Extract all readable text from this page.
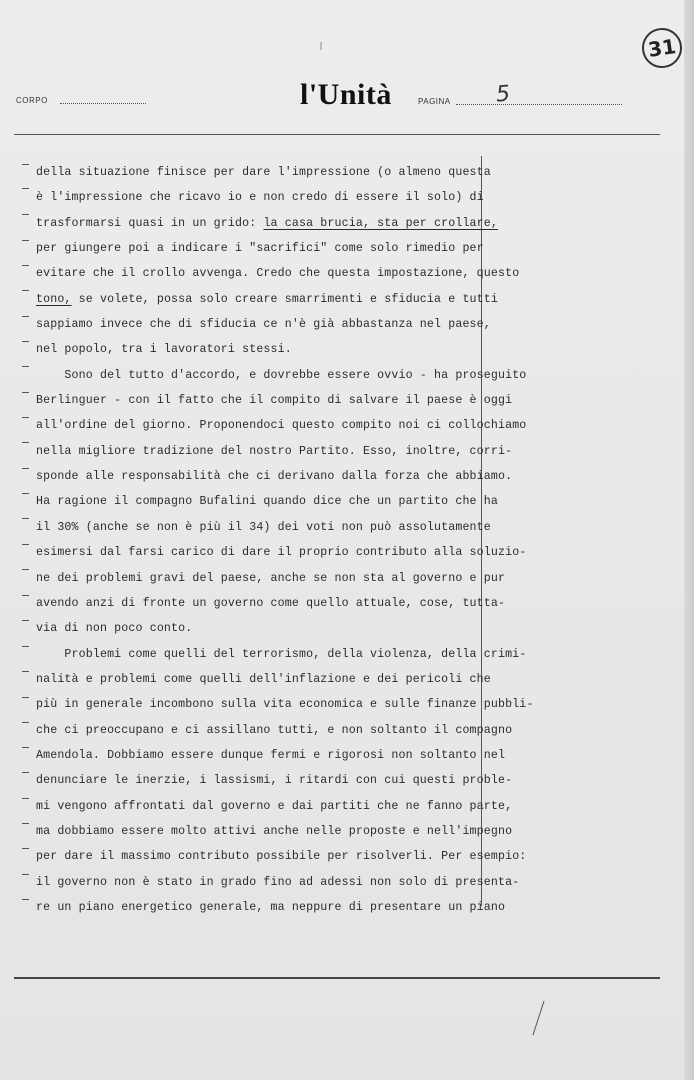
31
CORPO	l'Unità	PAGINA 5
della situazione finisce per dare l'impressione (o almeno questa
è l'impressione che ricavo io e non credo di essere il solo) di
trasformarsi quasi in un grido: la casa brucia, sta per crollare,
per giungere poi a indicare i "sacrifici" come solo rimedio per
evitare che il crollo avvenga. Credo che questa impostazione, questo
tono, se volete, possa solo creare smarrimenti e sfiducia e tutti
sappiamo invece che di sfiducia ce n'è già abbastanza nel paese,
nel popolo, tra i lavoratori stessi.
Sono del tutto d'accordo, e dovrebbe essere ovvio - ha proseguito
Berlinguer - con il fatto che il compito di salvare il paese è oggi
all'ordine del giorno. Proponendoci questo compito noi ci collochiamo
nella migliore tradizione del nostro Partito. Esso, inoltre, corri-
sponde alle responsabilità che ci derivano dalla forza che abbiamo.
Ha ragione il compagno Bufalini quando dice che un partito che ha
il 30% (anche se non è più il 34) dei voti non può assolutamente
esimersi dal farsi carico di dare il proprio contributo alla soluzio-
ne dei problemi gravi del paese, anche se non sta al governo e pur
avendo anzi di fronte un governo come quello attuale, cose, tutta-
via di non poco conto.
Problemi come quelli del terrorismo, della violenza, della crimi-
nalità e problemi come quelli dell'inflazione e dei pericoli che
più in generale incombono sulla vita economica e sulle finanze pubbli-
che ci preoccupano e ci assillano tutti, e non soltanto il compagno
Amendola. Dobbiamo essere dunque fermi e rigorosi non soltanto nel
denunciare le inerzie, i lassismi, i ritardi con cui questi proble-
mi vengono affrontati dal governo e dai partiti che ne fanno parte,
ma dobbiamo essere molto attivi anche nelle proposte e nell'impegno
per dare il massimo contributo possibile per risolverli. Per esempio:
il governo non è stato in grado fino ad adessi non solo di presenta-
re un piano energetico generale, ma neppure di presentare un piano
